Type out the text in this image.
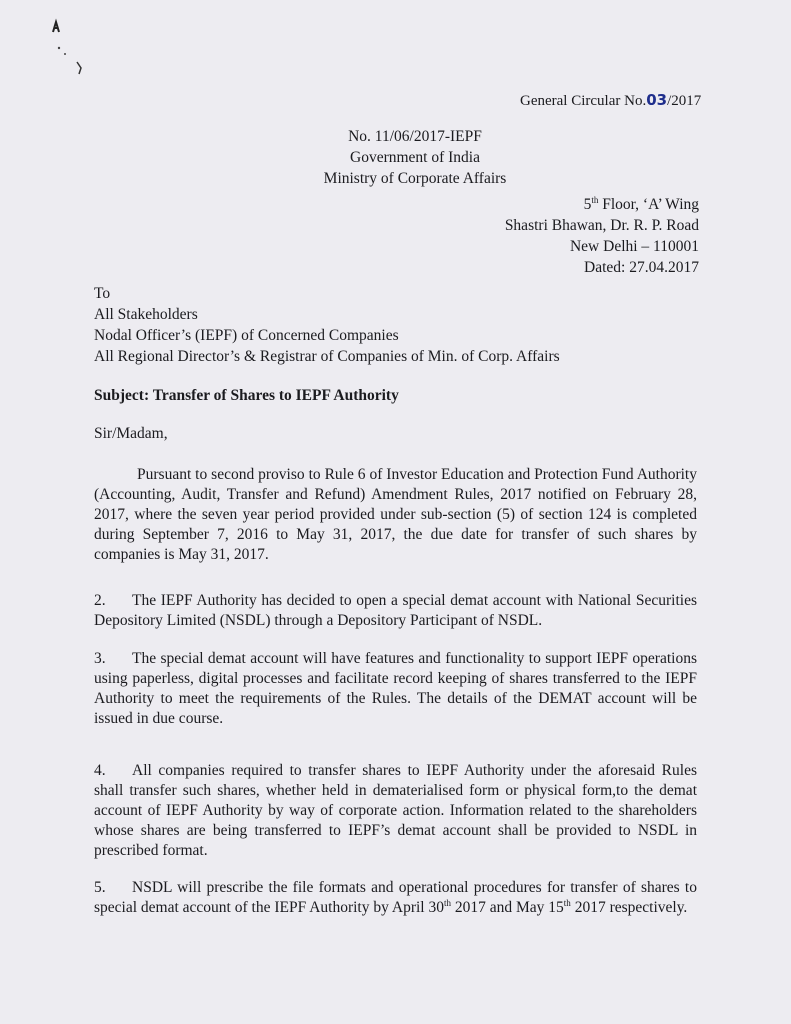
General Circular No.03/2017
No. 11/06/2017-IEPF
Government of India
Ministry of Corporate Affairs
5th Floor, ‘A’ Wing
Shastri Bhawan, Dr. R. P. Road
New Delhi – 110001
Dated: 27.04.2017
To
All Stakeholders
Nodal Officer’s (IEPF) of Concerned Companies
All Regional Director’s & Registrar of Companies of Min. of Corp. Affairs
Subject: Transfer of Shares to IEPF Authority
Sir/Madam,
Pursuant to second proviso to Rule 6 of Investor Education and Protection Fund Authority (Accounting, Audit, Transfer and Refund) Amendment Rules, 2017 notified on February 28, 2017, where the seven year period provided under sub-section (5) of section 124 is completed during September 7, 2016 to May 31, 2017, the due date for transfer of such shares by companies is May 31, 2017.
2. The IEPF Authority has decided to open a special demat account with National Securities Depository Limited (NSDL) through a Depository Participant of NSDL.
3. The special demat account will have features and functionality to support IEPF operations using paperless, digital processes and facilitate record keeping of shares transferred to the IEPF Authority to meet the requirements of the Rules. The details of the DEMAT account will be issued in due course.
4. All companies required to transfer shares to IEPF Authority under the aforesaid Rules shall transfer such shares, whether held in dematerialised form or physical form,to the demat account of IEPF Authority by way of corporate action. Information related to the shareholders whose shares are being transferred to IEPF’s demat account shall be provided to NSDL in prescribed format.
5. NSDL will prescribe the file formats and operational procedures for transfer of shares to special demat account of the IEPF Authority by April 30th 2017 and May 15th 2017 respectively.
